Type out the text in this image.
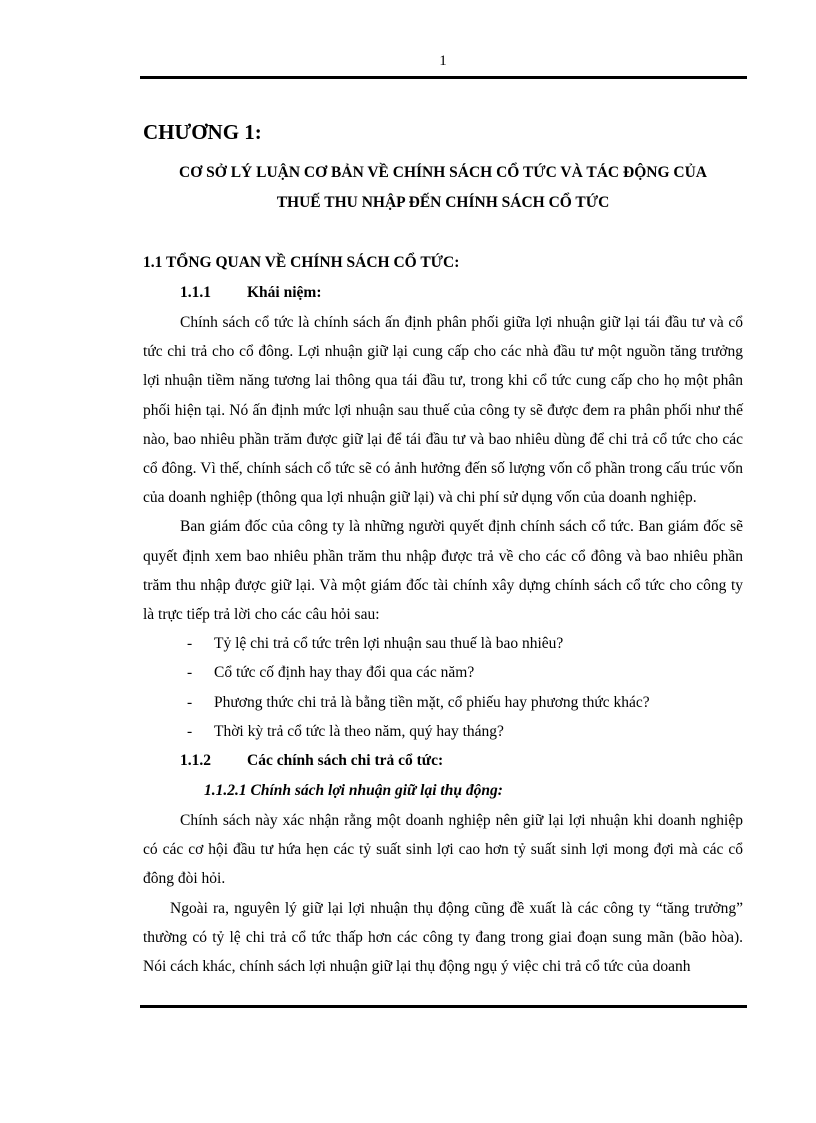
1
CHƯƠNG 1:
CƠ SỞ LÝ LUẬN CƠ BẢN VỀ CHÍNH SÁCH CỔ TỨC VÀ TÁC ĐỘNG CỦA
THUẾ THU NHẬP ĐẾN CHÍNH SÁCH CỔ TỨC
1.1 TỔNG QUAN VỀ CHÍNH SÁCH CỔ TỨC:
1.1.1 Khái niệm:

Chính sách cổ tức là chính sách ấn định phân phối giữa lợi nhuận giữ lại tái đầu tư và cổ tức chi trả cho cổ đông. Lợi nhuận giữ lại cung cấp cho các nhà đầu tư một nguồn tăng trưởng lợi nhuận tiềm năng tương lai thông qua tái đầu tư, trong khi cổ tức cung cấp cho họ một phân phối hiện tại. Nó ấn định mức lợi nhuận sau thuế của công ty sẽ được đem ra phân phối như thế nào, bao nhiêu phần trăm được giữ lại để tái đầu tư và bao nhiêu dùng để chi trả cổ tức cho các cổ đông. Vì thế, chính sách cổ tức sẽ có ảnh hưởng đến số lượng vốn cổ phần trong cấu trúc vốn của doanh nghiệp (thông qua lợi nhuận giữ lại) và chi phí sử dụng vốn của doanh nghiệp.

Ban giám đốc của công ty là những người quyết định chính sách cổ tức. Ban giám đốc sẽ quyết định xem bao nhiêu phần trăm thu nhập được trả về cho các cổ đông và bao nhiêu phần trăm thu nhập được giữ lại. Và một giám đốc tài chính xây dựng chính sách cổ tức cho công ty là trực tiếp trả lời cho các câu hỏi sau:

- Tỷ lệ chi trả cổ tức trên lợi nhuận sau thuế là bao nhiêu?
- Cổ tức cố định hay thay đổi qua các năm?
- Phương thức chi trả là bằng tiền mặt, cổ phiếu hay phương thức khác?
- Thời kỳ trả cổ tức là theo năm, quý hay tháng?
1.1.2 Các chính sách chi trả cổ tức:
1.1.2.1 Chính sách lợi nhuận giữ lại thụ động:

Chính sách này xác nhận rằng một doanh nghiệp nên giữ lại lợi nhuận khi doanh nghiệp có các cơ hội đầu tư hứa hẹn các tỷ suất sinh lợi cao hơn tỷ suất sinh lợi mong đợi mà các cổ đông đòi hỏi.

Ngoài ra, nguyên lý giữ lại lợi nhuận thụ động cũng đề xuất là các công ty “tăng trưởng” thường có tỷ lệ chi trả cổ tức thấp hơn các công ty đang trong giai đoạn sung mãn (bão hòa). Nói cách khác, chính sách lợi nhuận giữ lại thụ động ngụ ý việc chi trả cổ tức của doanh
